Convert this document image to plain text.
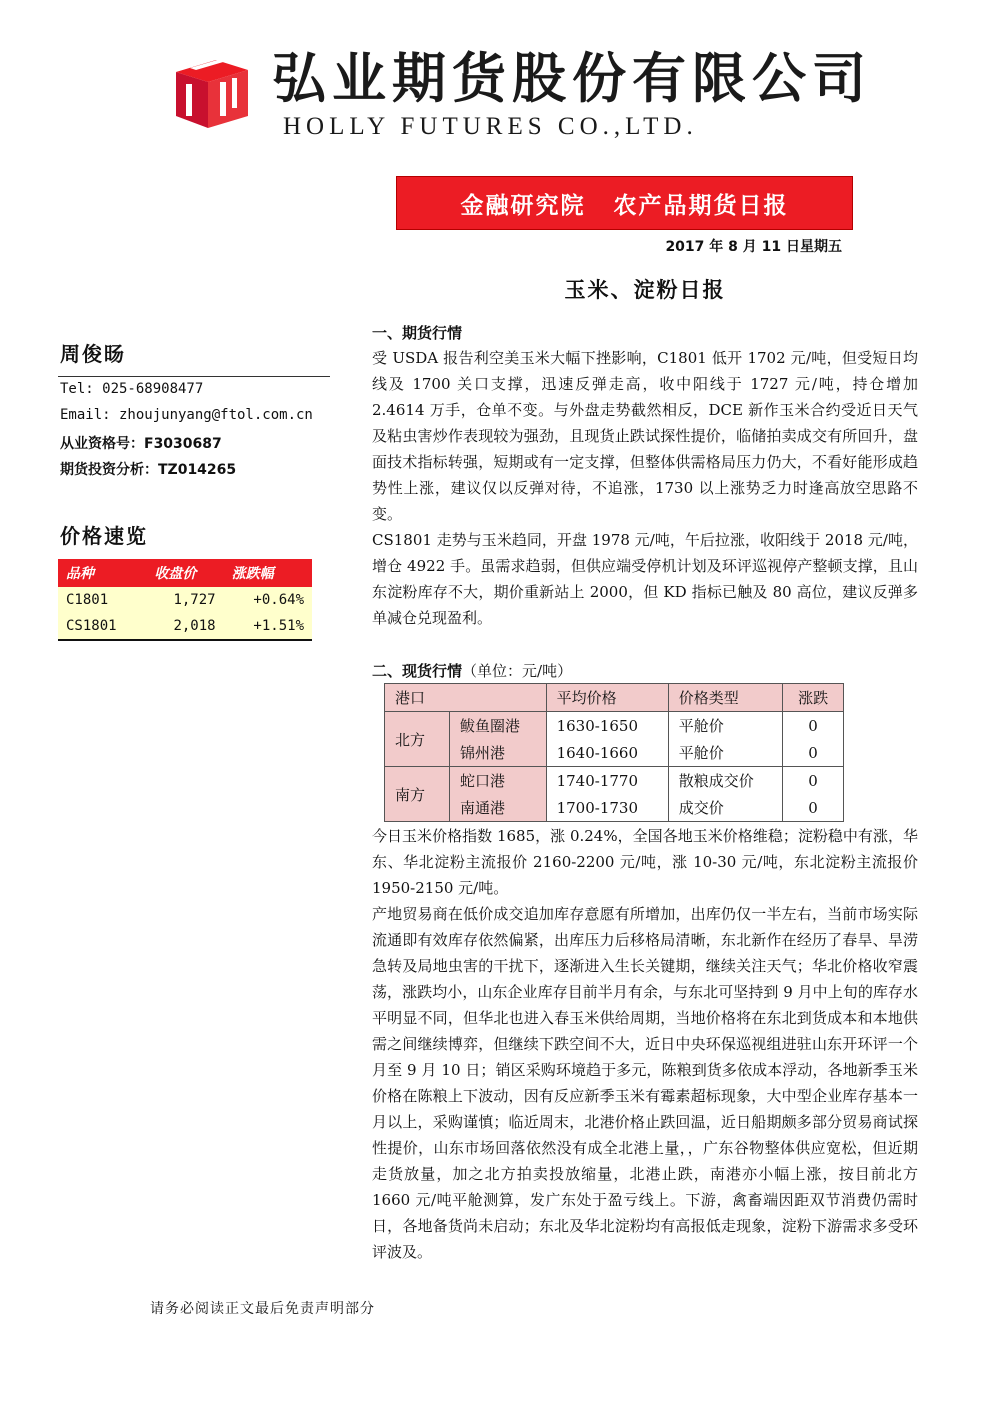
弘业期货股份有限公司
HOLLY FUTURES CO.,LTD.
金融研究院 农产品期货日报
2017 年 8 月 11 日星期五
玉米、淀粉日报
周俊旸
Tel: 025-68908477
Email: zhoujunyang@ftol.com.cn
从业资格号：F3030687
期货投资分析：TZ014265
价格速览
品种	收盘价	涨跌幅
C1801	1,727	+0.64%
CS1801	2,018	+1.51%
一、期货行情
受 USDA 报告利空美玉米大幅下挫影响，C1801 低开 1702 元/吨，但受短日均线及 1700 关口支撑，迅速反弹走高，收中阳线于 1727 元/吨，持仓增加 2.4614 万手，仓单不变。与外盘走势截然相反，DCE 新作玉米合约受近日天气及粘虫害炒作表现较为强劲，且现货止跌试探性提价，临储拍卖成交有所回升，盘面技术指标转强，短期或有一定支撑，但整体供需格局压力仍大，不看好能形成趋势性上涨，建议仅以反弹对待，不追涨，1730 以上涨势乏力时逢高放空思路不变。
CS1801 走势与玉米趋同，开盘 1978 元/吨，午后拉涨，收阳线于 2018 元/吨，增仓 4922 手。虽需求趋弱，但供应端受停机计划及环评巡视停产整顿支撑，且山东淀粉库存不大，期价重新站上 2000，但 KD 指标已触及 80 高位，建议反弹多单减仓兑现盈利。
二、现货行情（单位：元/吨）
港口		平均价格	价格类型	涨跌
北方	鲅鱼圈港	1630-1650	平舱价	0
	锦州港	1640-1660	平舱价	0
南方	蛇口港	1740-1770	散粮成交价	0
	南通港	1700-1730	成交价	0
今日玉米价格指数 1685，涨 0.24%，全国各地玉米价格维稳；淀粉稳中有涨，华东、华北淀粉主流报价 2160-2200 元/吨，涨 10-30 元/吨，东北淀粉主流报价 1950-2150 元/吨。
产地贸易商在低价成交追加库存意愿有所增加，出库仍仅一半左右，当前市场实际流通即有效库存依然偏紧，出库压力后移格局清晰，东北新作在经历了春旱、旱涝急转及局地虫害的干扰下，逐渐进入生长关键期，继续关注天气；华北价格收窄震荡，涨跌均小，山东企业库存目前半月有余，与东北可坚持到 9 月中上旬的库存水平明显不同，但华北也进入春玉米供给周期，当地价格将在东北到货成本和本地供需之间继续博弈，但继续下跌空间不大，近日中央环保巡视组进驻山东开环评一个月至 9 月 10 日；销区采购环境趋于多元，陈粮到货多依成本浮动，各地新季玉米价格在陈粮上下波动，因有反应新季玉米有霉素超标现象，大中型企业库存基本一月以上，采购谨慎；临近周末，北港价格止跌回温，近日船期颇多部分贸易商试探性提价，山东市场回落依然没有成全北港上量，，广东谷物整体供应宽松，但近期走货放量，加之北方拍卖投放缩量，北港止跌，南港亦小幅上涨，按目前北方 1660 元/吨平舱测算，发广东处于盈亏线上。下游，禽畜端因距双节消费仍需时日，各地备货尚未启动；东北及华北淀粉均有高报低走现象，淀粉下游需求多受环评波及。
请务必阅读正文最后免责声明部分
